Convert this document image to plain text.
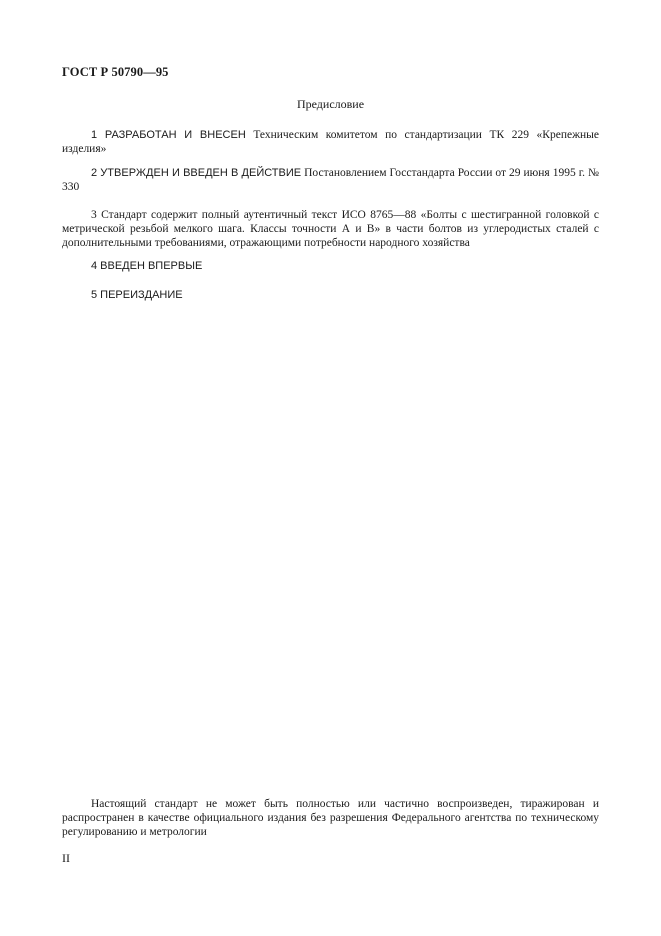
ГОСТ Р 50790—95
Предисловие
1 РАЗРАБОТАН И ВНЕСЕН Техническим комитетом по стандартизации ТК 229 «Крепежные изделия»
2 УТВЕРЖДЕН И ВВЕДЕН В ДЕЙСТВИЕ Постановлением Госстандарта России от 29 июня 1995 г. № 330
3 Стандарт содержит полный аутентичный текст ИСО 8765—88 «Болты с шестигранной головкой с метрической резьбой мелкого шага. Классы точности А и В» в части болтов из углеродистых сталей с дополнительными требованиями, отражающими потребности народного хозяйства
4 ВВЕДЕН ВПЕРВЫЕ
5 ПЕРЕИЗДАНИЕ
Настоящий стандарт не может быть полностью или частично воспроизведен, тиражирован и распространен в качестве официального издания без разрешения Федерального агентства по техническому регулированию и метрологии
II
